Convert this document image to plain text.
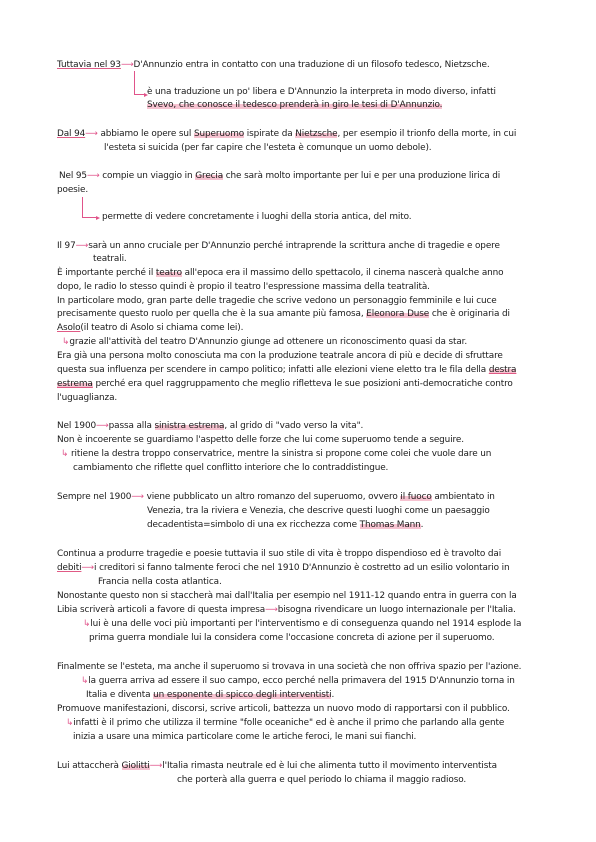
Tuttavia nel 93⟶D'Annunzio entra in contatto con una traduzione di un filosofo tedesco, Nietzsche.
è una traduzione un po' libera e D'Annunzio la interpreta in modo diverso, infatti
Svevo, che conosce il tedesco prenderà in giro le tesi di D'Annunzio.
Dal 94⟶ abbiamo le opere sul Superuomo ispirate da Nietzsche, per esempio il trionfo della morte, in cui
l'esteta si suicida (per far capire che l'esteta è comunque un uomo debole).
Nel 95⟶ compie un viaggio in Grecia che sarà molto importante per lui e per una produzione lirica di
poesie.
permette di vedere concretamente i luoghi della storia antica, del mito.
Il 97⟶sarà un anno cruciale per D'Annunzio perché intraprende la scrittura anche di tragedie e opere
teatrali.
È importante perché il teatro all'epoca era il massimo dello spettacolo, il cinema nascerà qualche anno
dopo, le radio lo stesso quindi è propio il teatro l'espressione massima della teatralità.
In particolare modo, gran parte delle tragedie che scrive vedono un personaggio femminile e lui cuce
precisamente questo ruolo per quella che è la sua amante più famosa, Eleonora Duse che è originaria di
Asolo(il teatro di Asolo si chiama come lei).
↳grazie all'attività del teatro D'Annunzio giunge ad ottenere un riconoscimento quasi da star.
Era già una persona molto conosciuta ma con la produzione teatrale ancora di più e decide di sfruttare
questa sua influenza per scendere in campo politico; infatti alle elezioni viene eletto tra le fila della destra
estrema perché era quel raggruppamento che meglio rifletteva le sue posizioni anti-democratiche contro
l'uguaglianza.
Nel 1900⟶passa alla sinistra estrema, al grido di "vado verso la vita".
Non è incoerente se guardiamo l'aspetto delle forze che lui come superuomo tende a seguire.
↳ ritiene la destra troppo conservatrice, mentre la sinistra si propone come colei che vuole dare un
cambiamento che riflette quel conflitto interiore che lo contraddistingue.
Sempre nel 1900⟶ viene pubblicato un altro romanzo del superuomo, ovvero il fuoco ambientato in
Venezia, tra la riviera e Venezia, che descrive questi luoghi come un paesaggio
decadentista=simbolo di una ex ricchezza come Thomas Mann.
Continua a produrre tragedie e poesie tuttavia il suo stile di vita è troppo dispendioso ed è travolto dai
debiti⟶i creditori si fanno talmente feroci che nel 1910 D'Annunzio è costretto ad un esilio volontario in
Francia nella costa atlantica.
Nonostante questo non si staccherà mai dall'Italia per esempio nel 1911-12 quando entra in guerra con la
Libia scriverà articoli a favore di questa impresa⟶bisogna rivendicare un luogo internazionale per l'Italia.
↳lui è una delle voci più importanti per l'interventismo e di conseguenza quando nel 1914 esplode la
prima guerra mondiale lui la considera come l'occasione concreta di azione per il superuomo.
Finalmente se l'esteta, ma anche il superuomo si trovava in una società che non offriva spazio per l'azione.
↳la guerra arriva ad essere il suo campo, ecco perché nella primavera del 1915 D'Annunzio torna in
Italia e diventa un esponente di spicco degli interventisti.
Promuove manifestazioni, discorsi, scrive articoli, battezza un nuovo modo di rapportarsi con il pubblico.
↳infatti è il primo che utilizza il termine "folle oceaniche" ed è anche il primo che parlando alla gente
inizia a usare una mimica particolare come le artiche feroci, le mani sui fianchi.
Lui attaccherà Giolitti⟶l'Italia rimasta neutrale ed è lui che alimenta tutto il movimento interventista
che porterà alla guerra e quel periodo lo chiama il maggio radioso.
